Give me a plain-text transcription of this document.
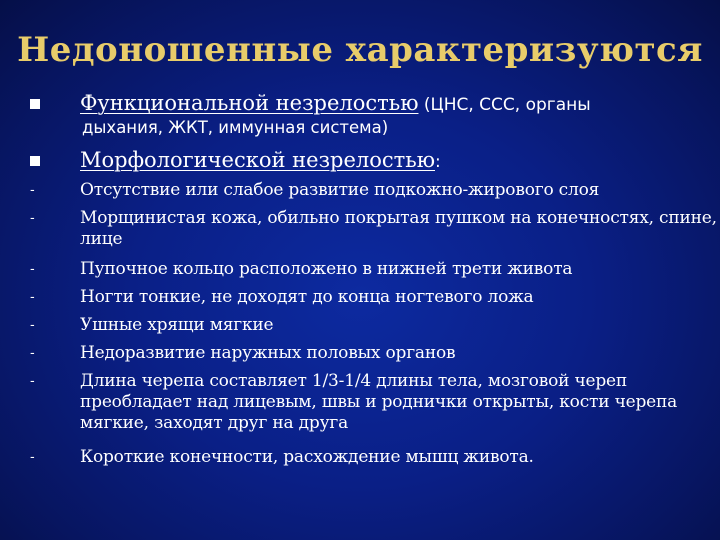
Недоношенные характеризуются
Функциональной незрелостью (ЦНС, ССС, органы
дыхания, ЖКТ, иммунная система)
Морфологической незрелостью:
-	Отсутствие или слабое развитие подкожно-жирового слоя
-	Морщинистая кожа, обильно покрытая пушком на конечностях, спине, лице
-	Пупочное кольцо расположено в нижней трети живота
-	Ногти тонкие, не доходят до конца ногтевого ложа
-	Ушные хрящи мягкие
-	Недоразвитие наружных половых органов
-	Длина черепа составляет 1/3-1/4 длины тела, мозговой череп преобладает над лицевым, швы и роднички открыты, кости черепа мягкие, заходят друг на друга
-	Короткие конечности, расхождение мышц живота.
